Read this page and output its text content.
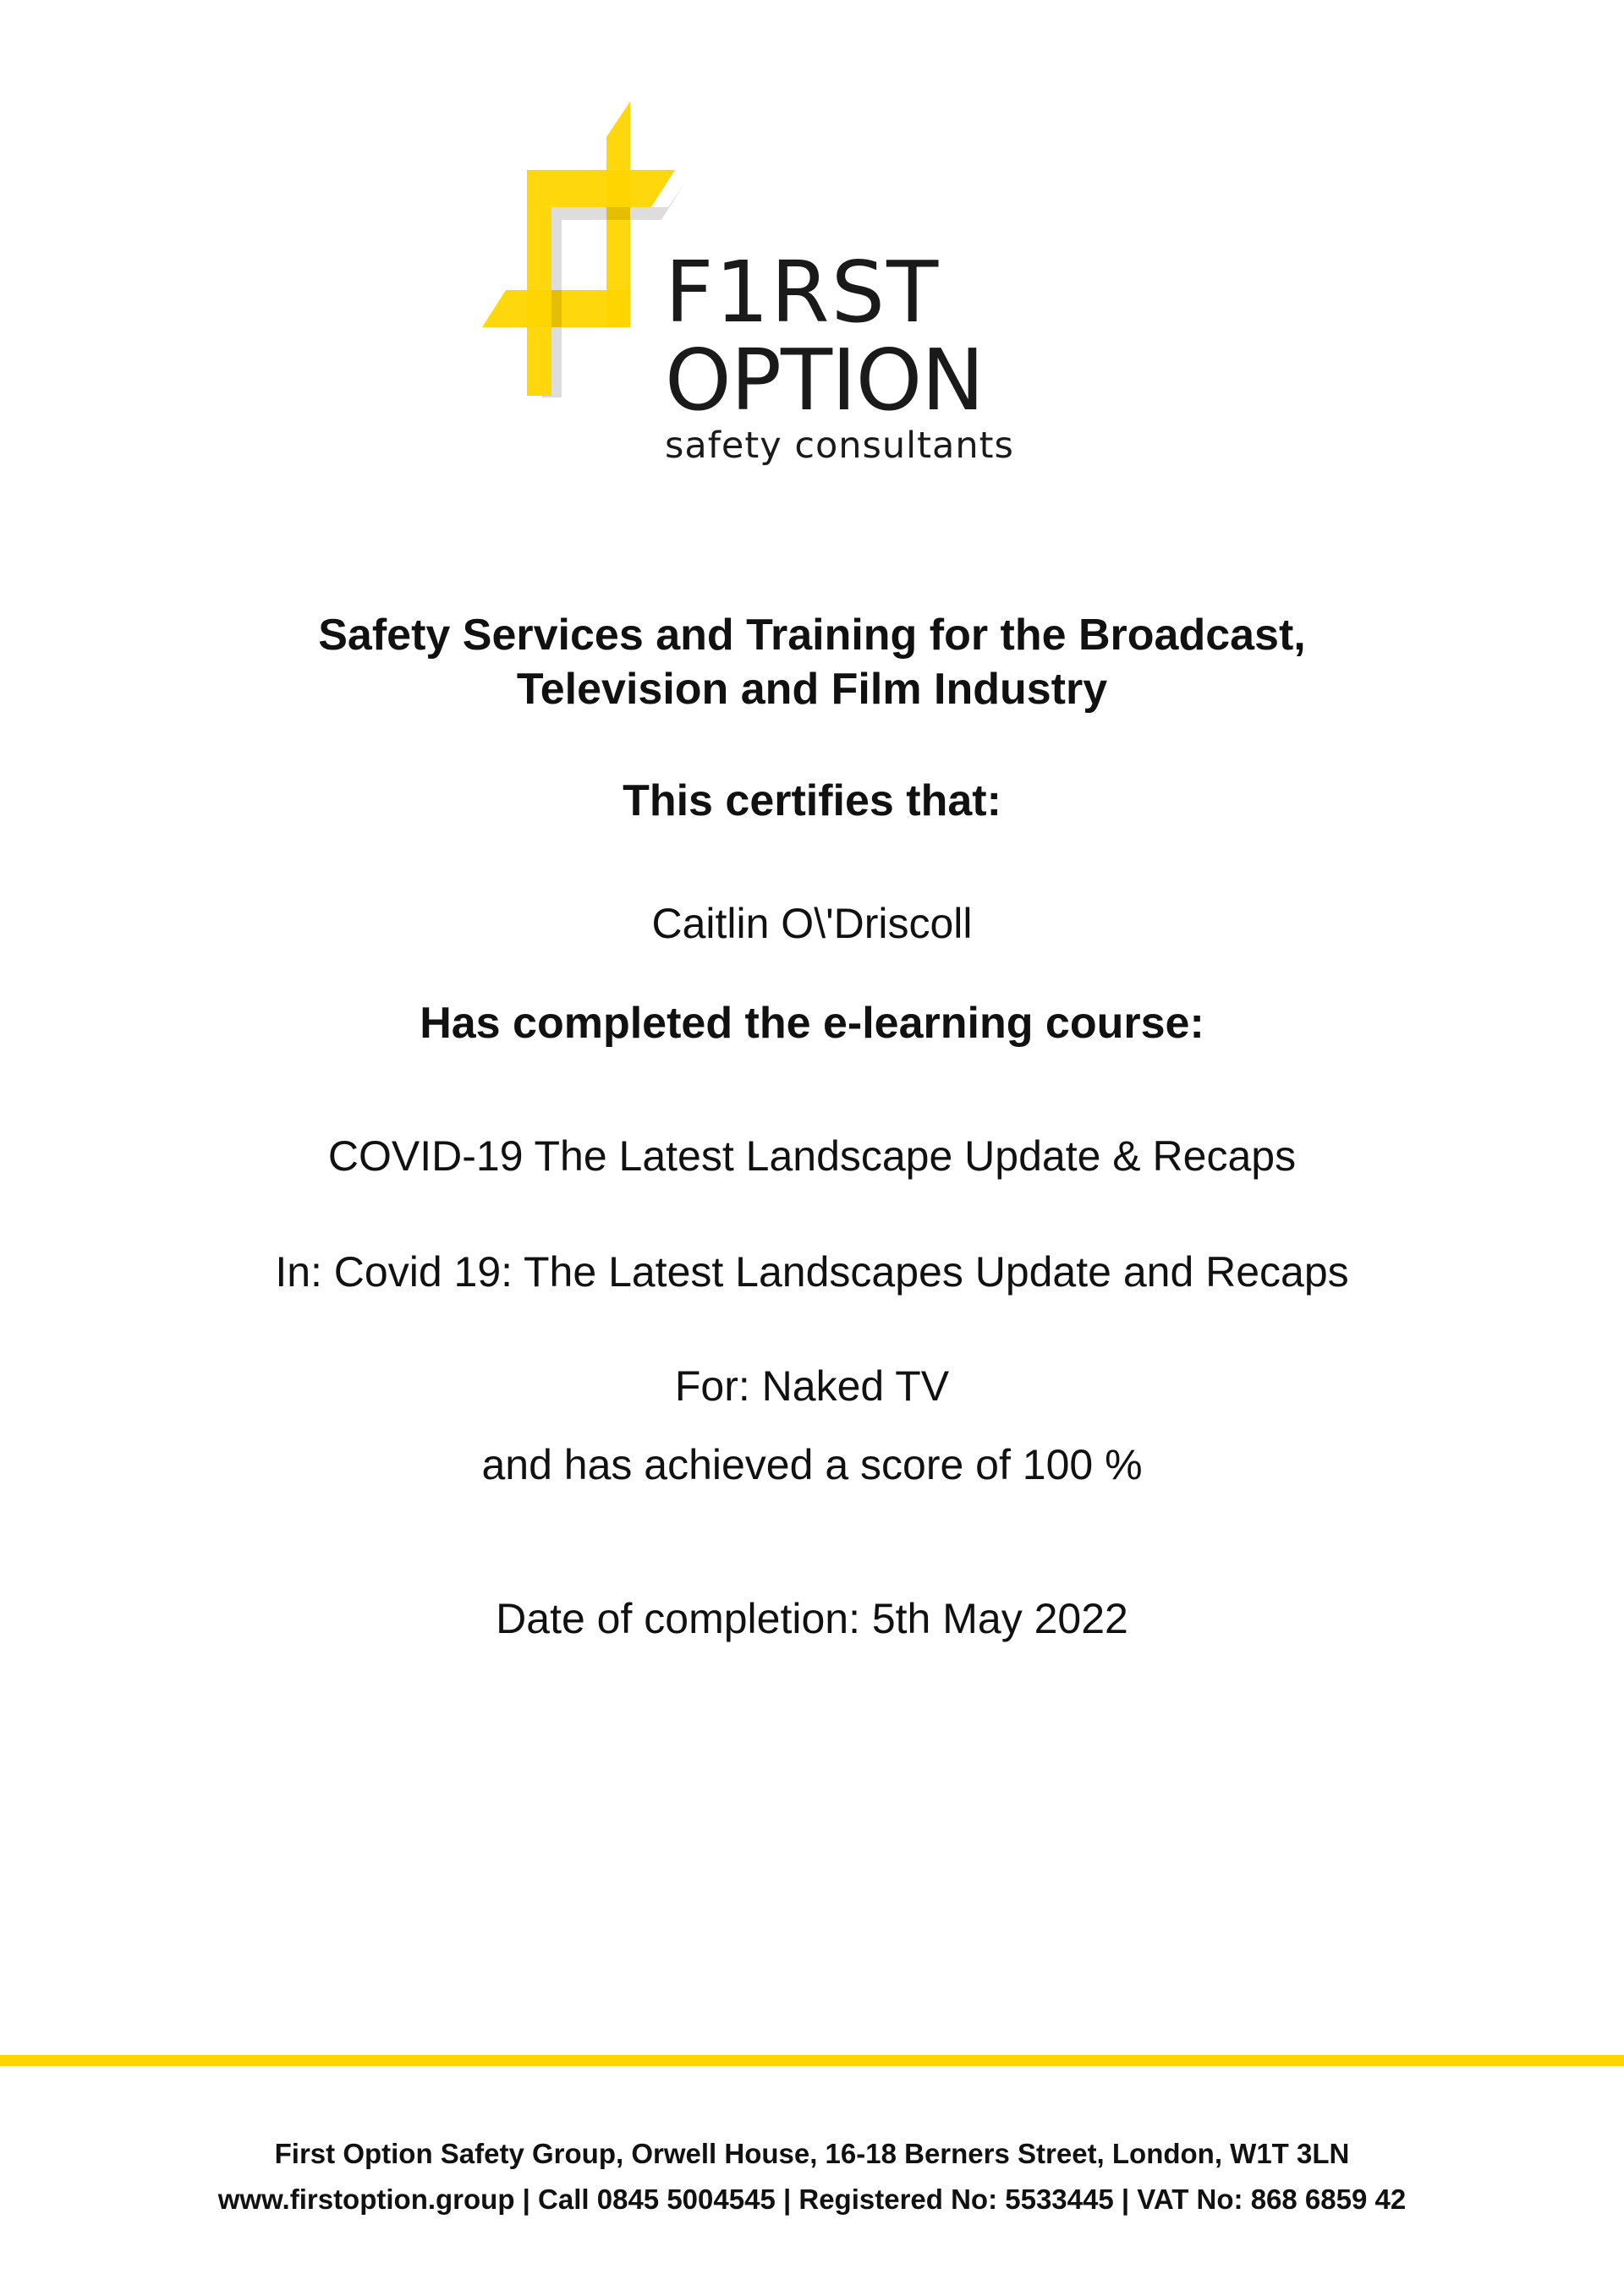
F1RST
OPTION
safety consultants
Safety Services and Training for the Broadcast,
Television and Film Industry
This certifies that:
Caitlin O\'Driscoll
Has completed the e-learning course:
COVID-19 The Latest Landscape Update & Recaps
In: Covid 19: The Latest Landscapes Update and Recaps
For: Naked TV
and has achieved a score of 100 %
Date of completion: 5th May 2022
First Option Safety Group, Orwell House, 16-18 Berners Street, London, W1T 3LN
www.firstoption.group | Call 0845 5004545 | Registered No: 5533445 | VAT No: 868 6859 42
